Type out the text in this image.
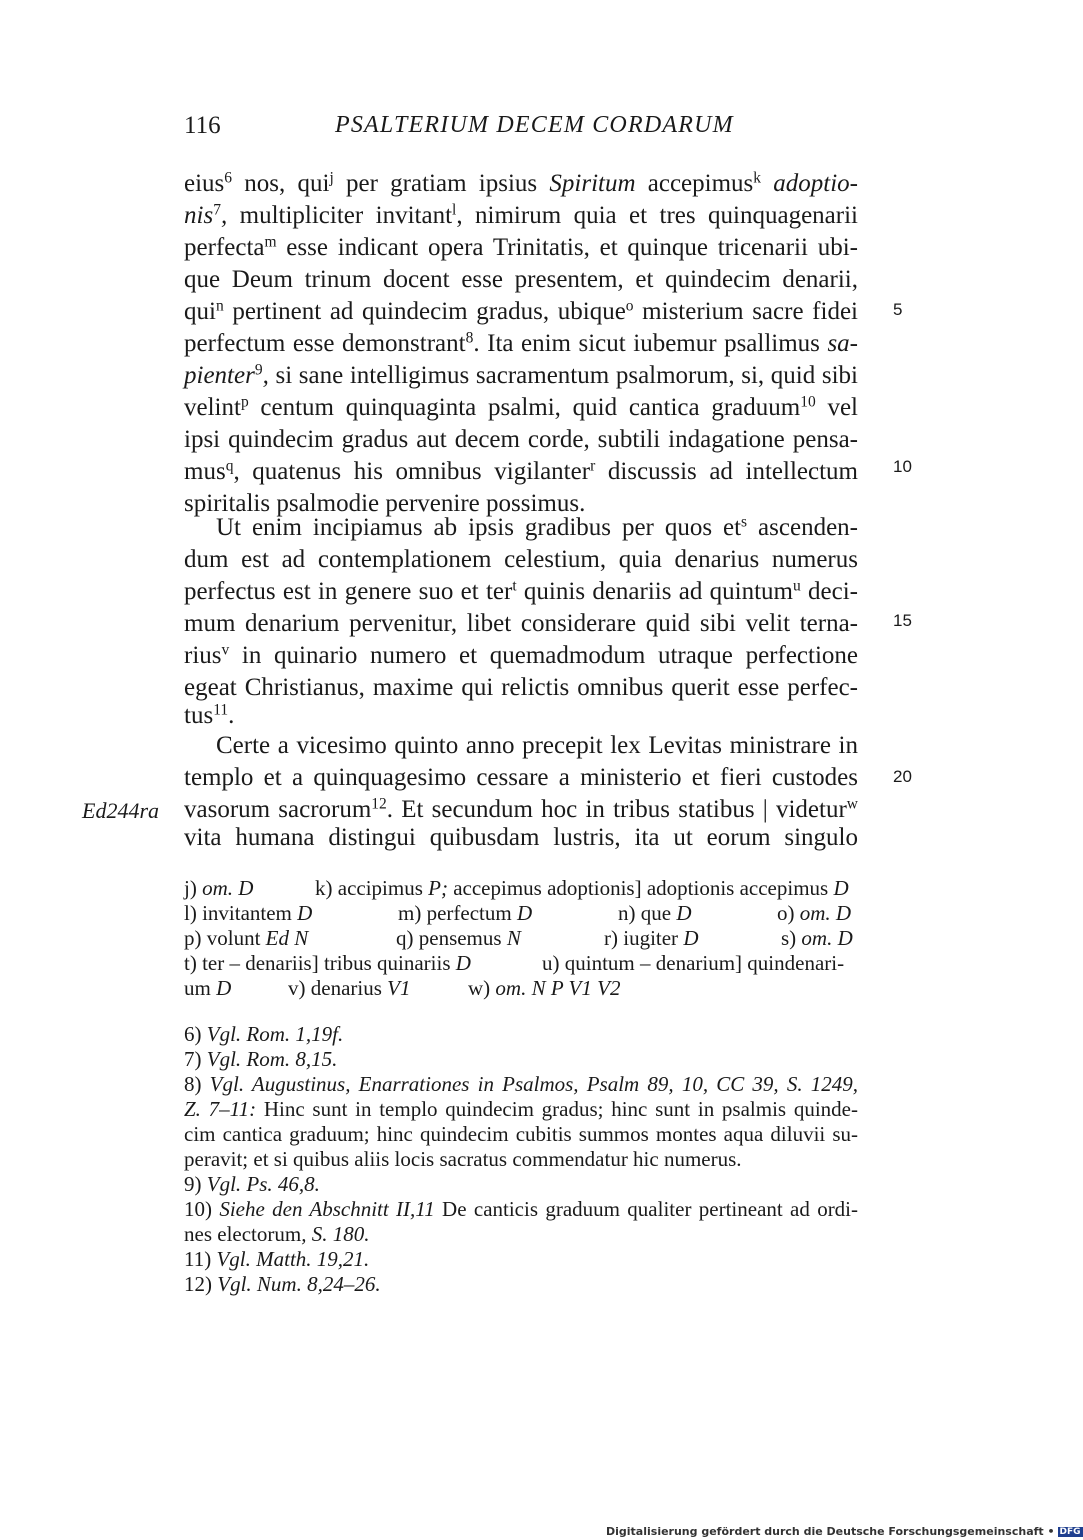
116	PSALTERIUM DECEM CORDARUM
eius$^6$ nos, qui$^j$ per gratiam ipsius Spiritum accepimus$^k$ adoptio-
nis$^7$, multipliciter invitant$^l$, nimirum quia et tres quinquagenarii
perfecta$^m$ esse indicant opera Trinitatis, et quinque tricenarii ubi-
que Deum trinum docent esse presentem, et quindecim denarii,
qui$^n$ pertinent ad quindecim gradus, ubique$^o$ misterium sacre fidei
perfectum esse demonstrant$^8$. Ita enim sicut iubemur psallimus sa-
pienter$^9$, si sane intelligimus sacramentum psalmorum, si, quid sibi
velint$^p$ centum quinquaginta psalmi, quid cantica graduum$^{10}$ vel
ipsi quindecim gradus aut decem corde, subtili indagatione pensa-
mus$^q$, quatenus his omnibus vigilanter$^r$ discussis ad intellectum
spiritalis psalmodie pervenire possimus.
Ut enim incipiamus ab ipsis gradibus per quos $et^s$ ascenden-
dum est ad contemplationem celestium, quia denarius numerus
perfectus est in genere suo et ter$^t$ quinis denariis ad quintum$^u$ deci-
mum denarium pervenitur, libet considerare quid sibi velit terna-
rius$^v$ in quinario numero et quemadmodum utraque perfectione
egeat Christianus, maxime qui relictis omnibus querit esse perfec-
tus$^{11}$.
Certe a vicesimo quinto anno precepit lex Levitas ministrare in
templo et a quinquagesimo cessare a ministerio et fieri custodes
vasorum sacrorum$^{12}$. Et secundum hoc in tribus statibus | videtur$^w$
vita humana distingui quibusdam lustris, ita ut eorum singulo
5
10
15
20
Ed244ra
j) om. D	k) accipimus P; accepimus adoptionis] adoptionis accepimus D
l) invitantem D	m) perfectum D	n) que D	o) om. D
p) volunt Ed N	q) pensemus N	r) iugiter D	s) om. D
t) ter – denariis] tribus quinariis D	u) quintum – denarium] quindenari-
um D	v) denarius V1	w) om. N P V1 V2
6) Vgl. Rom. 1,19f.
7) Vgl. Rom. 8,15.
8) Vgl. Augustinus, Enarrationes in Psalmos, Psalm 89, 10, CC 39, S. 1249,
Z. 7–11: Hinc sunt in templo quindecim gradus; hinc sunt in psalmis quinde-
cim cantica graduum; hinc quindecim cubitis summos montes aqua diluvii su-
peravit; et si quibus aliis locis sacratus commendatur hic numerus.
9) Vgl. Ps. 46,8.
10) Siehe den Abschnitt II,11 De canticis graduum qualiter pertineant ad ordi-
nes electorum, S. 180.
11) Vgl. Matth. 19,21.
12) Vgl. Num. 8,24–26.
Digitalisierung gefördert durch die Deutsche Forschungsgemeinschaft • DFG
